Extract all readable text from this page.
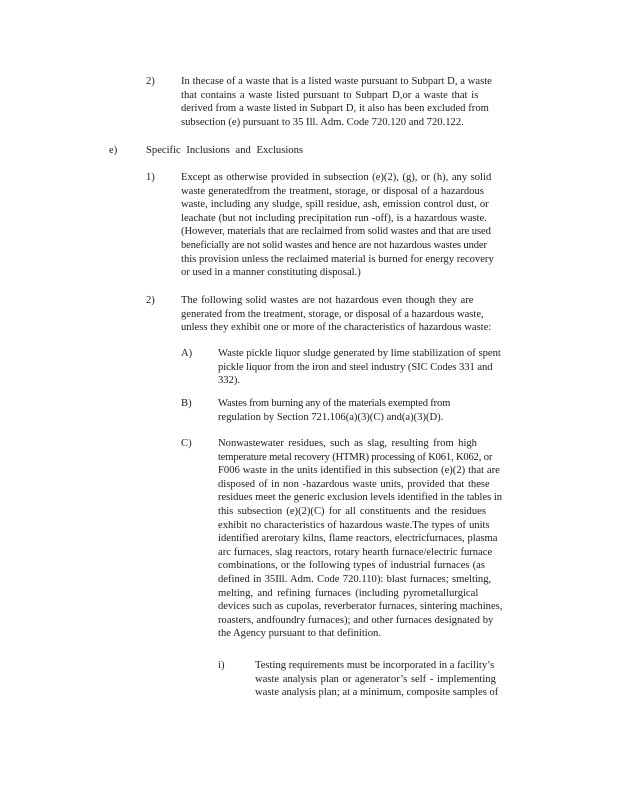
2) In thecase of a waste that is a listed waste pursuant to Subpart D, a waste
that contains a waste listed pursuant to Subpart D,or a waste that is
derived from a waste listed in Subpart D, it also has been excluded from
subsection (e) pursuant to 35 Ill. Adm. Code 720.120 and 720.122.
e)	Specific Inclusions and Exclusions
1) Except as otherwise provided in subsection (e)(2), (g), or (h), any solid
waste generatedfrom the treatment, storage, or disposal of a hazardous
waste, including any sludge, spill residue, ash, emission control dust, or
leachate (but not including precipitation run -off), is a hazardous waste.
(However, materials that are reclaimed from solid wastes and that are used
beneficially are not solid wastes and hence are not hazardous wastes under
this provision unless the reclaimed material is burned for energy recovery
or used in a manner constituting disposal.)
2) The following solid wastes are not hazardous even though they are
generated from the treatment, storage, or disposal of a hazardous waste,
unless they exhibit one or more of the characteristics of hazardous waste:
A) Waste pickle liquor sludge generated by lime stabilization of spent
pickle liquor from the iron and steel industry (SIC Codes 331 and
332).
B) Wastes from burning any of the materials exempted from
regulation by Section 721.106(a)(3)(C) and(a)(3)(D).
C) Nonwastewater residues, such as slag, resulting from high
temperature metal recovery (HTMR) processing of K061, K062, or
F006 waste in the units identified in this subsection (e)(2) that are
disposed of in non -hazardous waste units, provided that these
residues meet the generic exclusion levels identified in the tables in
this subsection (e)(2)(C) for all constituents and the residues
exhibit no characteristics of hazardous waste.The types of units
identified arerotary kilns, flame reactors, electricfurnaces, plasma
arc furnaces, slag reactors, rotary hearth furnace/electric furnace
combinations, or the following types of industrial furnaces (as
defined in 35Ill. Adm. Code 720.110): blast furnaces; smelting,
melting, and refining furnaces (including pyrometallurgical
devices such as cupolas, reverberator furnaces, sintering machines,
roasters, andfoundry furnaces); and other furnaces designated by
the Agency pursuant to that definition.
i)	Testing requirements must be incorporated in a facility’s
waste analysis plan or agenerator’s self - implementing
waste analysis plan; at a minimum, composite samples of
